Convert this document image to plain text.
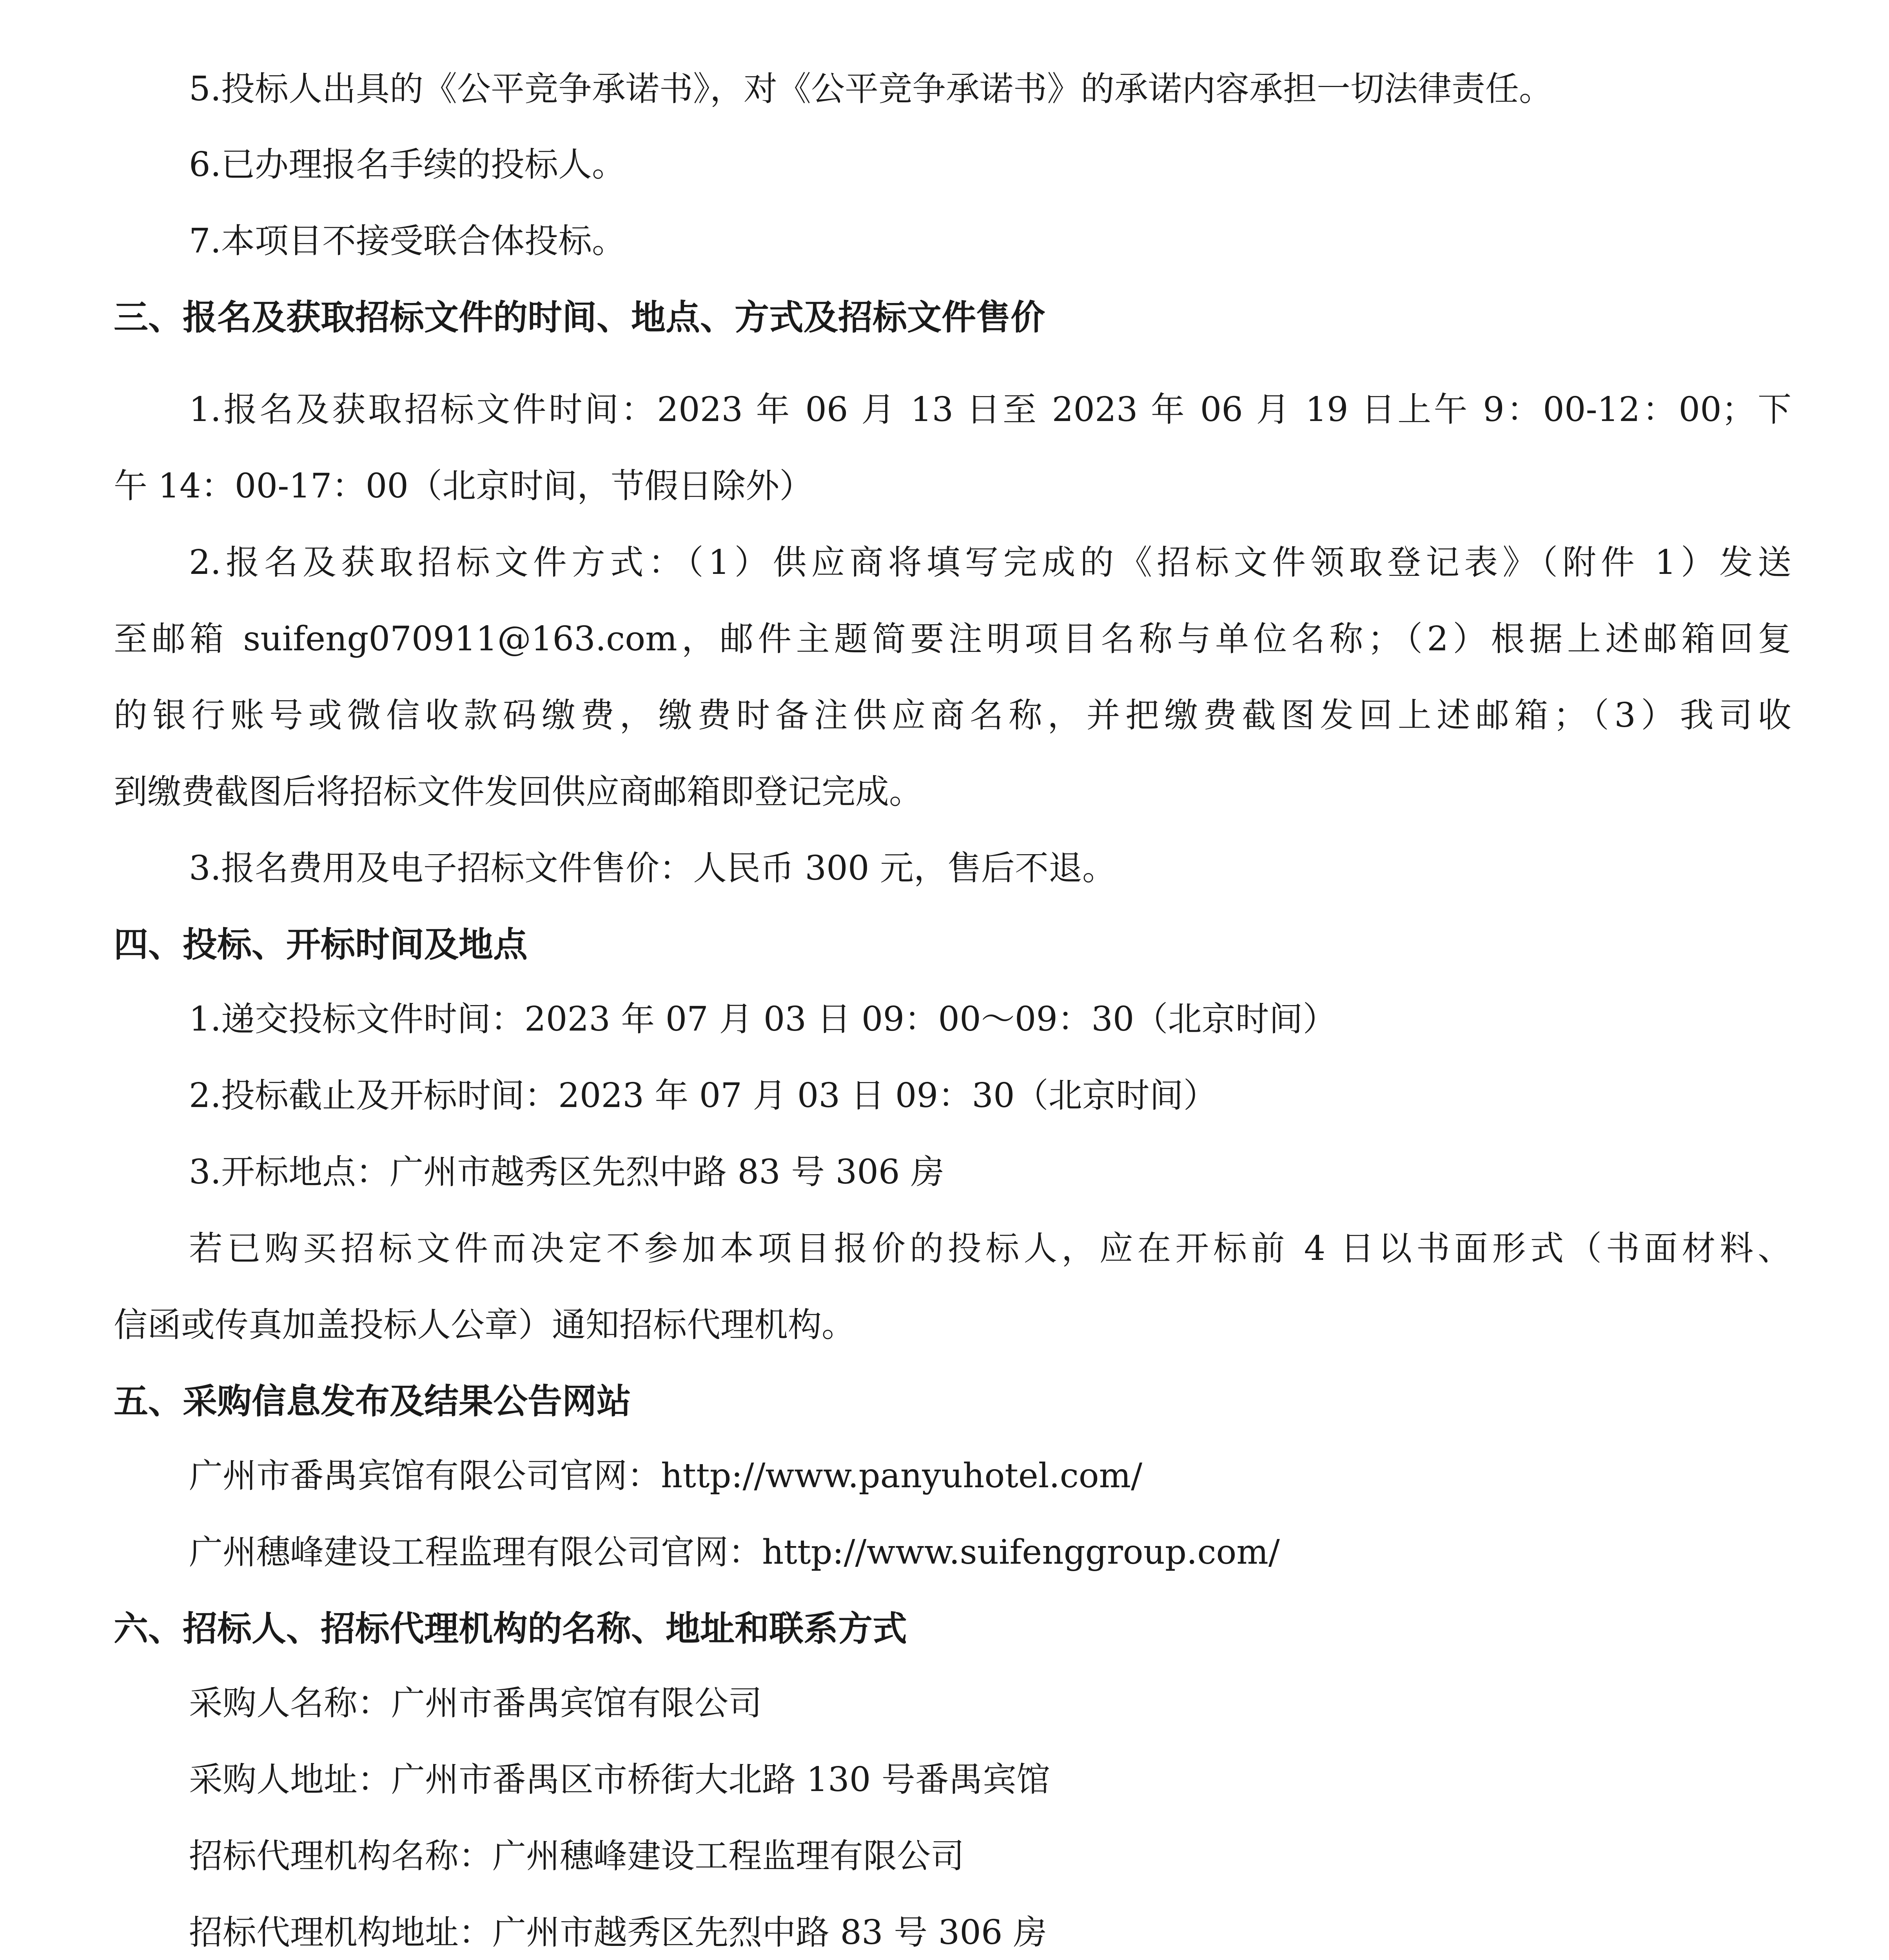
5.投标人出具的《公平竞争承诺书》，对《公平竞争承诺书》的承诺内容承担一切法律责任。
6.已办理报名手续的投标人。
7.本项目不接受联合体投标。
三、报名及获取招标文件的时间、地点、方式及招标文件售价
1.报名及获取招标文件时间：2023 年 06 月 13 日至 2023 年 06 月 19 日上午 9：00-12：00；下
午 14：00-17：00（北京时间，节假日除外）
2.报名及获取招标文件方式：（1）供应商将填写完成的《招标文件领取登记表》（附件 1）发送
至邮箱 suifeng070911@163.com，邮件主题简要注明项目名称与单位名称；（2）根据上述邮箱回复
的银行账号或微信收款码缴费，缴费时备注供应商名称，并把缴费截图发回上述邮箱；（3）我司收
到缴费截图后将招标文件发回供应商邮箱即登记完成。
3.报名费用及电子招标文件售价：人民币 300 元，售后不退。
四、投标、开标时间及地点
1.递交投标文件时间：2023 年 07 月 03 日 09：00～09：30（北京时间）
2.投标截止及开标时间：2023 年 07 月 03 日 09：30（北京时间）
3.开标地点：广州市越秀区先烈中路 83 号 306 房
若已购买招标文件而决定不参加本项目报价的投标人，应在开标前 4 日以书面形式（书面材料、
信函或传真加盖投标人公章）通知招标代理机构。
五、采购信息发布及结果公告网站
广州市番禺宾馆有限公司官网：http://www.panyuhotel.com/
广州穗峰建设工程监理有限公司官网：http://www.suifenggroup.com/
六、招标人、招标代理机构的名称、地址和联系方式
采购人名称：广州市番禺宾馆有限公司
采购人地址：广州市番禺区市桥街大北路 130 号番禺宾馆
招标代理机构名称：广州穗峰建设工程监理有限公司
招标代理机构地址：广州市越秀区先烈中路 83 号 306 房
